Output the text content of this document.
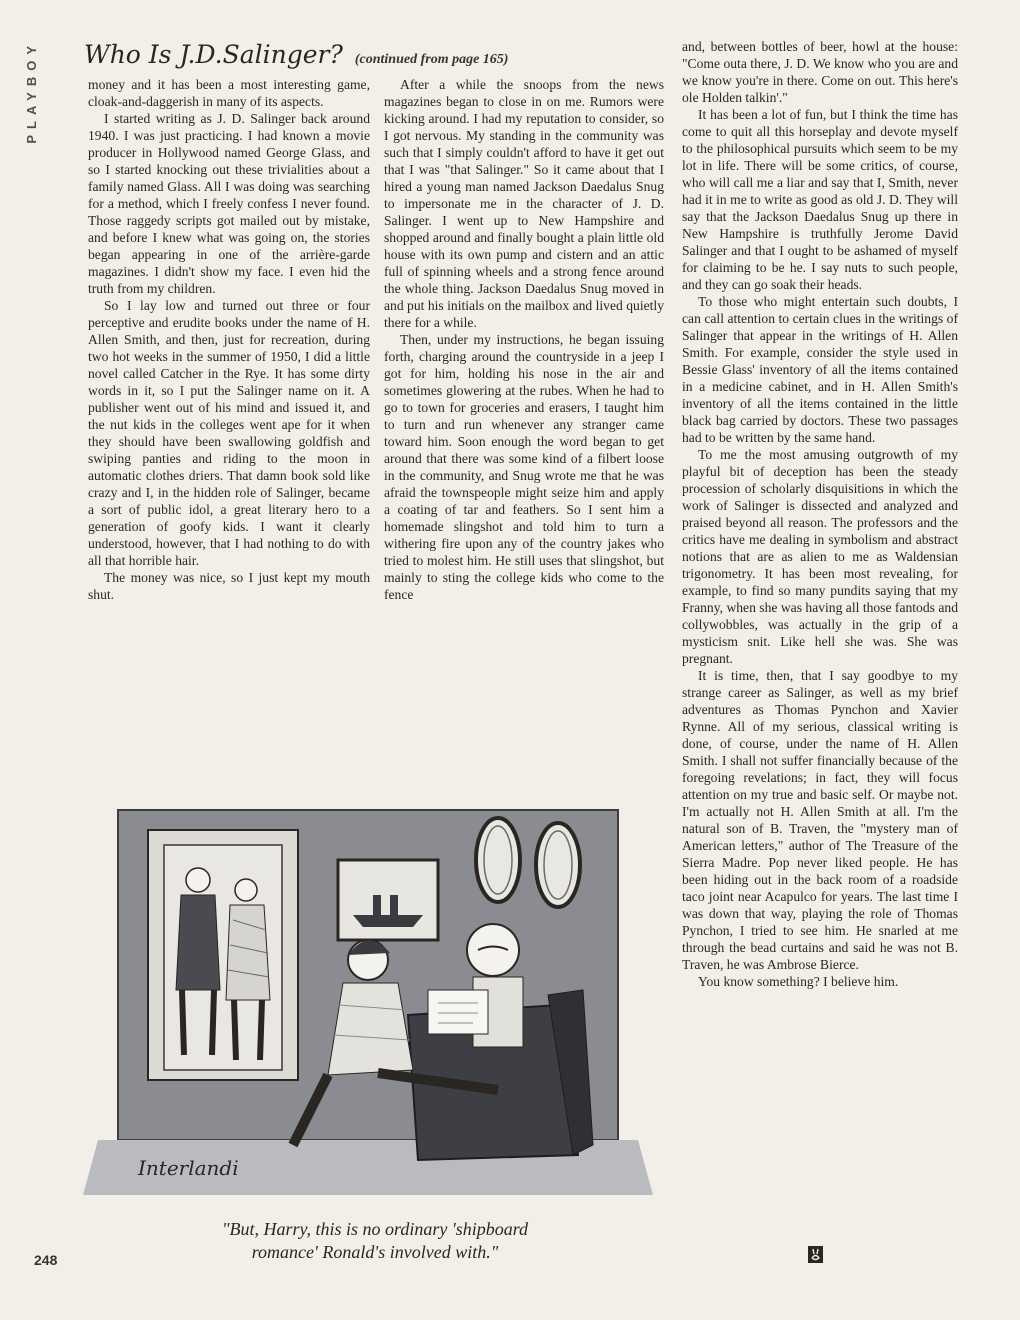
PLAYBOY Who Is J.D.Salinger? (continued from page 165)

money and it has been a most interesting game, cloak-and-daggerish in many of its aspects.

I started writing as J. D. Salinger back around 1940. I was just practicing. I had known a movie producer in Hollywood named George Glass, and so I started knocking out these trivialities about a family named Glass. All I was doing was searching for a method, which I freely confess I never found. Those raggedy scripts got mailed out by mistake, and before I knew what was going on, the stories began appearing in one of the arrière-garde magazines. I didn't show my face. I even hid the truth from my children.

So I lay low and turned out three or four perceptive and erudite books under the name of H. Allen Smith, and then, just for recreation, during two hot weeks in the summer of 1950, I did a little novel called Catcher in the Rye. It has some dirty words in it, so I put the Salinger name on it. A publisher went out of his mind and issued it, and the nut kids in the colleges went ape for it when they should have been swallowing goldfish and swiping panties and riding to the moon in automatic clothes driers. That damn book sold like crazy and I, in the hidden role of Salinger, became a sort of public idol, a great literary hero to a generation of goofy kids. I want it clearly understood, however, that I had nothing to do with all that horrible hair.

The money was nice, so I just kept my mouth shut.

After a while the snoops from the news magazines began to close in on me. Rumors were kicking around. I had my reputation to consider, so I got nervous. My standing in the community was such that I simply couldn't afford to have it get out that I was "that Salinger." So it came about that I hired a young man named Jackson Daedalus Snug to impersonate me in the character of J. D. Salinger. I went up to New Hampshire and shopped around and finally bought a plain little old house with its own pump and cistern and an attic full of spinning wheels and a strong fence around the whole thing. Jackson Daedalus Snug moved in and put his initials on the mailbox and lived quietly there for a while.

Then, under my instructions, he began issuing forth, charging around the countryside in a jeep I got for him, holding his nose in the air and sometimes glowering at the rubes. When he had to go to town for groceries and erasers, I taught him to turn and run whenever any stranger came toward him. Soon enough the word began to get around that there was some kind of a filbert loose in the community, and Snug wrote me that he was afraid the townspeople might seize him and apply a coating of tar and feathers. So I sent him a homemade slingshot and told him to turn a withering fire upon any of the country jakes who tried to molest him. He still uses that slingshot, but mainly to sting the college kids who come to the fence

and, between bottles of beer, howl at the house: "Come outa there, J. D. We know who you are and we know you're in there. Come on out. This here's ole Holden talkin'."

It has been a lot of fun, but I think the time has come to quit all this horseplay and devote myself to the philosophical pursuits which seem to be my lot in life. There will be some critics, of course, who will call me a liar and say that I, Smith, never had it in me to write as good as old J. D. They will say that the Jackson Daedalus Snug up there in New Hampshire is truthfully Jerome David Salinger and that I ought to be ashamed of myself for claiming to be he. I say nuts to such people, and they can go soak their heads.

To those who might entertain such doubts, I can call attention to certain clues in the writings of Salinger that appear in the writings of H. Allen Smith. For example, consider the style used in Bessie Glass' inventory of all the items contained in a medicine cabinet, and in H. Allen Smith's inventory of all the items contained in the little black bag carried by doctors. These two passages had to be written by the same hand.

To me the most amusing outgrowth of my playful bit of deception has been the steady procession of scholarly disquisitions in which the work of Salinger is dissected and analyzed and praised beyond all reason. The professors and the critics have me dealing in symbolism and abstract notions that are as alien to me as Waldensian trigonometry. It has been most revealing, for example, to find so many pundits saying that my Franny, when she was having all those fantods and collywobbles, was actually in the grip of a mysticism snit. Like hell she was. She was pregnant.

It is time, then, that I say goodbye to my strange career as Salinger, as well as my brief adventures as Thomas Pynchon and Xavier Rynne. All of my serious, classical writing is done, of course, under the name of H. Allen Smith. I shall not suffer financially because of the foregoing revelations; in fact, they will focus attention on my true and basic self. Or maybe not. I'm actually not H. Allen Smith at all. I'm the natural son of B. Traven, the "mystery man of American letters," author of The Treasure of the Sierra Madre. Pop never liked people. He has been hiding out in the back room of a roadside taco joint near Acapulco for years. The last time I was down that way, playing the role of Thomas Pynchon, I tried to see him. He snarled at me through the bead curtains and said he was not B. Traven, he was Ambrose Bierce.

You know something? I believe him.

Interlandi
"But, Harry, this is no ordinary 'shipboard
romance' Ronald's involved with."
248
